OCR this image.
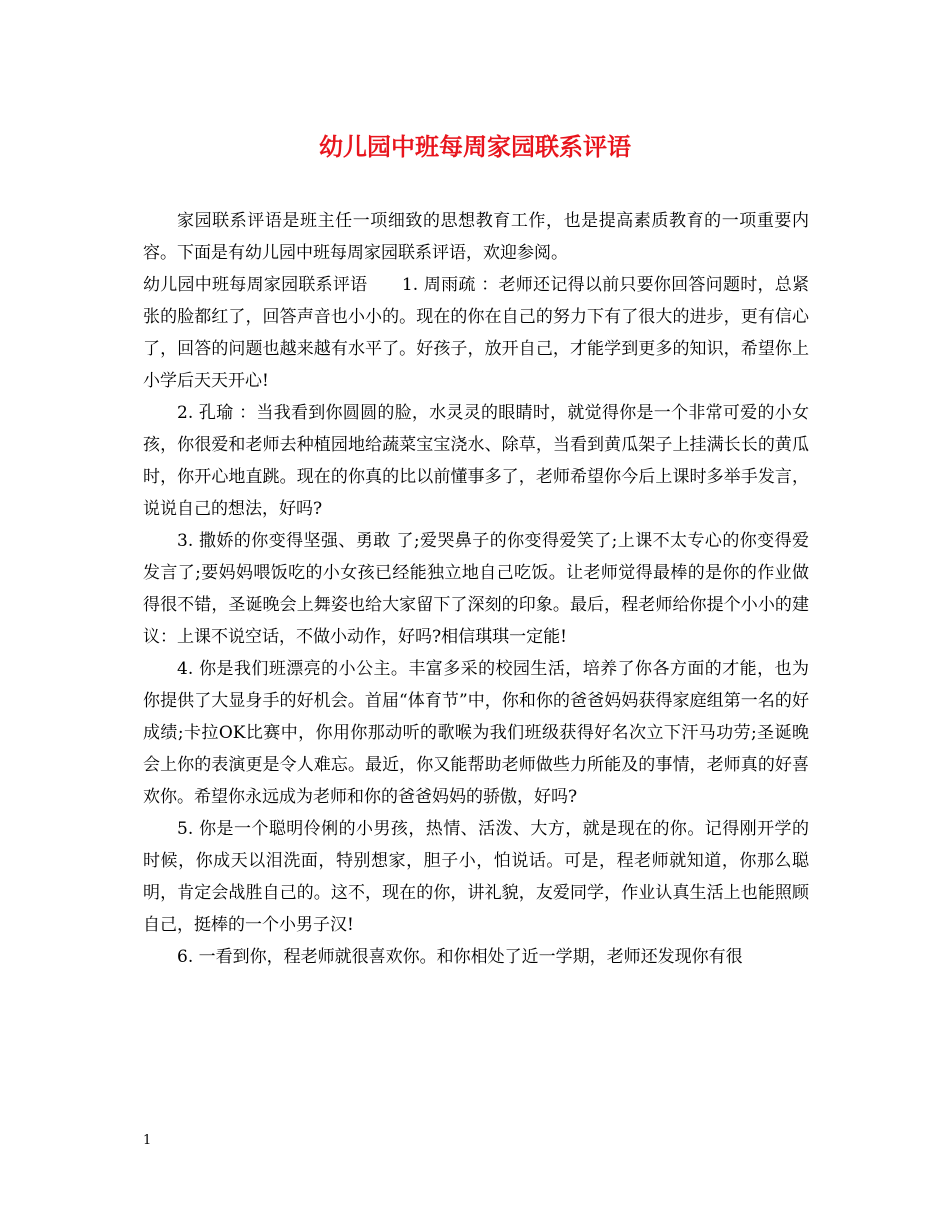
幼儿园中班每周家园联系评语

家园联系评语是班主任一项细致的思想教育工作，也是提高素质教育的一项重要内容。下面是有幼儿园中班每周家园联系评语，欢迎参阅。

幼儿园中班每周家园联系评语　　1. 周雨疏 ：老师还记得以前只要你回答问题时，总紧张的脸都红了，回答声音也小小的。现在的你在自己的努力下有了很大的进步，更有信心了，回答的问题也越来越有水平了。好孩子，放开自己，才能学到更多的知识，希望你上小学后天天开心!

2. 孔瑜 ：当我看到你圆圆的脸，水灵灵的眼睛时，就觉得你是一个非常可爱的小女孩，你很爱和老师去种植园地给蔬菜宝宝浇水、除草，当看到黄瓜架子上挂满长长的黄瓜时，你开心地直跳。现在的你真的比以前懂事多了，老师希望你今后上课时多举手发言，说说自己的想法，好吗?

3. 撒娇的你变得坚强、勇敢 了;爱哭鼻子的你变得爱笑了;上课不太专心的你变得爱发言了;要妈妈喂饭吃的小女孩已经能独立地自己吃饭。让老师觉得最棒的是你的作业做得很不错，圣诞晚会上舞姿也给大家留下了深刻的印象。最后，程老师给你提个小小的建议：上课不说空话，不做小动作，好吗?相信琪琪一定能!

4. 你是我们班漂亮的小公主。丰富多采的校园生活，培养了你各方面的才能，也为你提供了大显身手的好机会。首届“体育节”中，你和你的爸爸妈妈获得家庭组第一名的好成绩;卡拉OK比赛中，你用你那动听的歌喉为我们班级获得好名次立下汗马功劳;圣诞晚会上你的表演更是令人难忘。最近，你又能帮助老师做些力所能及的事情，老师真的好喜欢你。希望你永远成为老师和你的爸爸妈妈的骄傲，好吗?

5. 你是一个聪明伶俐的小男孩，热情、活泼、大方，就是现在的你。记得刚开学的时候，你成天以泪洗面，特别想家，胆子小，怕说话。可是，程老师就知道，你那么聪明，肯定会战胜自己的。这不，现在的你，讲礼貌，友爱同学，作业认真生活上也能照顾自己，挺棒的一个小男子汉!

6. 一看到你，程老师就很喜欢你。和你相处了近一学期，老师还发现你有很

1
